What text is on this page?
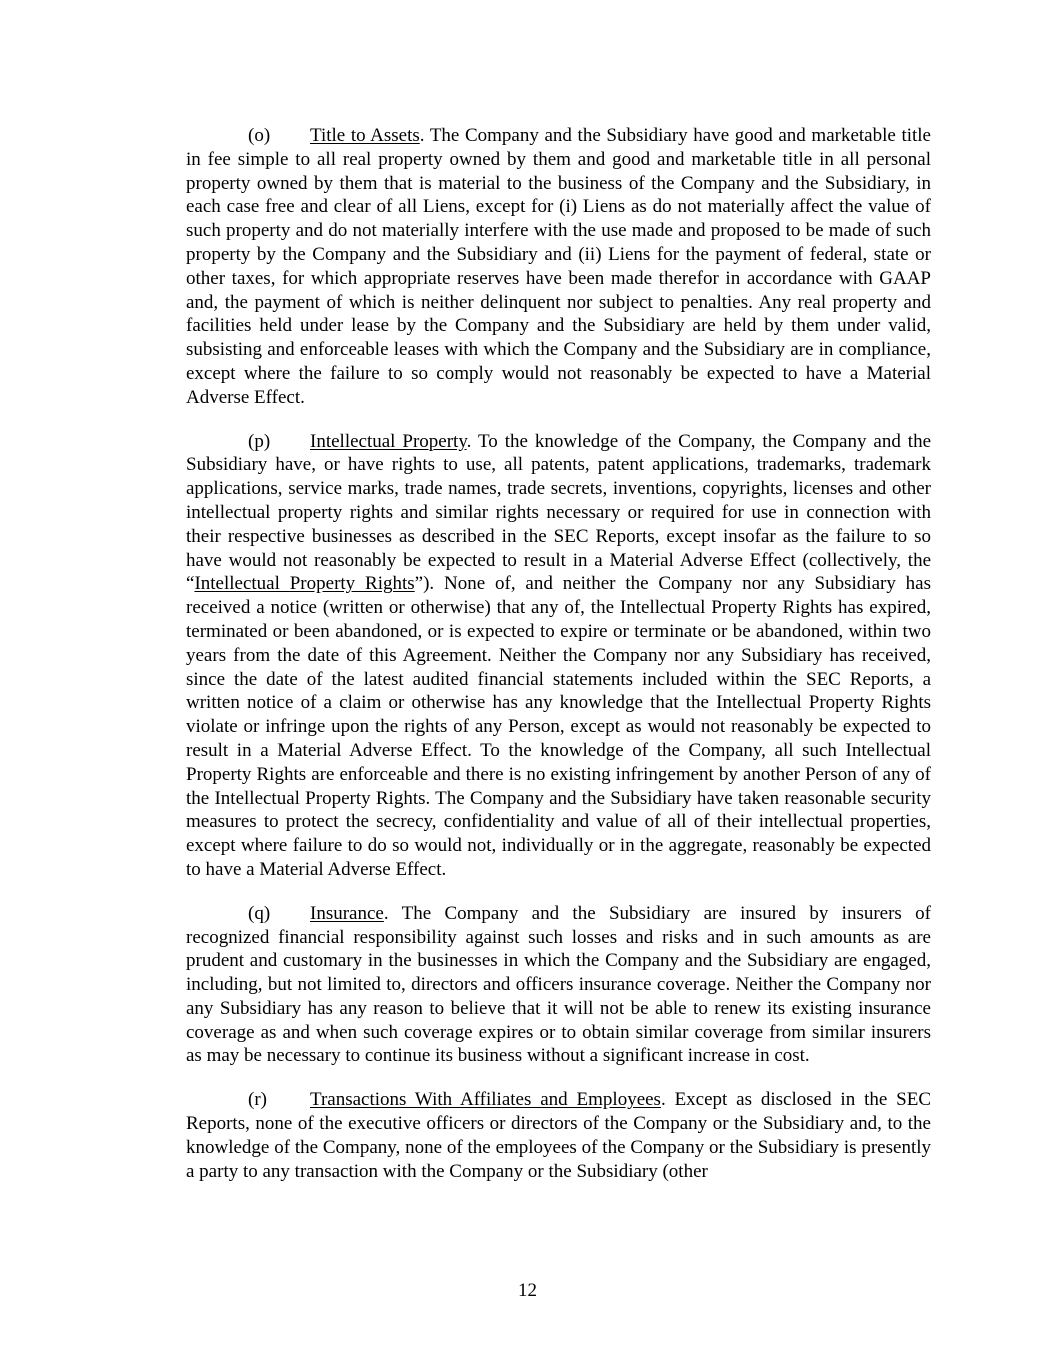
(o) Title to Assets. The Company and the Subsidiary have good and marketable title in fee simple to all real property owned by them and good and marketable title in all personal property owned by them that is material to the business of the Company and the Subsidiary, in each case free and clear of all Liens, except for (i) Liens as do not materially affect the value of such property and do not materially interfere with the use made and proposed to be made of such property by the Company and the Subsidiary and (ii) Liens for the payment of federal, state or other taxes, for which appropriate reserves have been made therefor in accordance with GAAP and, the payment of which is neither delinquent nor subject to penalties. Any real property and facilities held under lease by the Company and the Subsidiary are held by them under valid, subsisting and enforceable leases with which the Company and the Subsidiary are in compliance, except where the failure to so comply would not reasonably be expected to have a Material Adverse Effect.

(p) Intellectual Property. To the knowledge of the Company, the Company and the Subsidiary have, or have rights to use, all patents, patent applications, trademarks, trademark applications, service marks, trade names, trade secrets, inventions, copyrights, licenses and other intellectual property rights and similar rights necessary or required for use in connection with their respective businesses as described in the SEC Reports, except insofar as the failure to so have would not reasonably be expected to result in a Material Adverse Effect (collectively, the “Intellectual Property Rights”). None of, and neither the Company nor any Subsidiary has received a notice (written or otherwise) that any of, the Intellectual Property Rights has expired, terminated or been abandoned, or is expected to expire or terminate or be abandoned, within two years from the date of this Agreement. Neither the Company nor any Subsidiary has received, since the date of the latest audited financial statements included within the SEC Reports, a written notice of a claim or otherwise has any knowledge that the Intellectual Property Rights violate or infringe upon the rights of any Person, except as would not reasonably be expected to result in a Material Adverse Effect. To the knowledge of the Company, all such Intellectual Property Rights are enforceable and there is no existing infringement by another Person of any of the Intellectual Property Rights. The Company and the Subsidiary have taken reasonable security measures to protect the secrecy, confidentiality and value of all of their intellectual properties, except where failure to do so would not, individually or in the aggregate, reasonably be expected to have a Material Adverse Effect.

(q) Insurance. The Company and the Subsidiary are insured by insurers of recognized financial responsibility against such losses and risks and in such amounts as are prudent and customary in the businesses in which the Company and the Subsidiary are engaged, including, but not limited to, directors and officers insurance coverage. Neither the Company nor any Subsidiary has any reason to believe that it will not be able to renew its existing insurance coverage as and when such coverage expires or to obtain similar coverage from similar insurers as may be necessary to continue its business without a significant increase in cost.

(r) Transactions With Affiliates and Employees. Except as disclosed in the SEC Reports, none of the executive officers or directors of the Company or the Subsidiary and, to the knowledge of the Company, none of the employees of the Company or the Subsidiary is presently a party to any transaction with the Company or the Subsidiary (other

12
